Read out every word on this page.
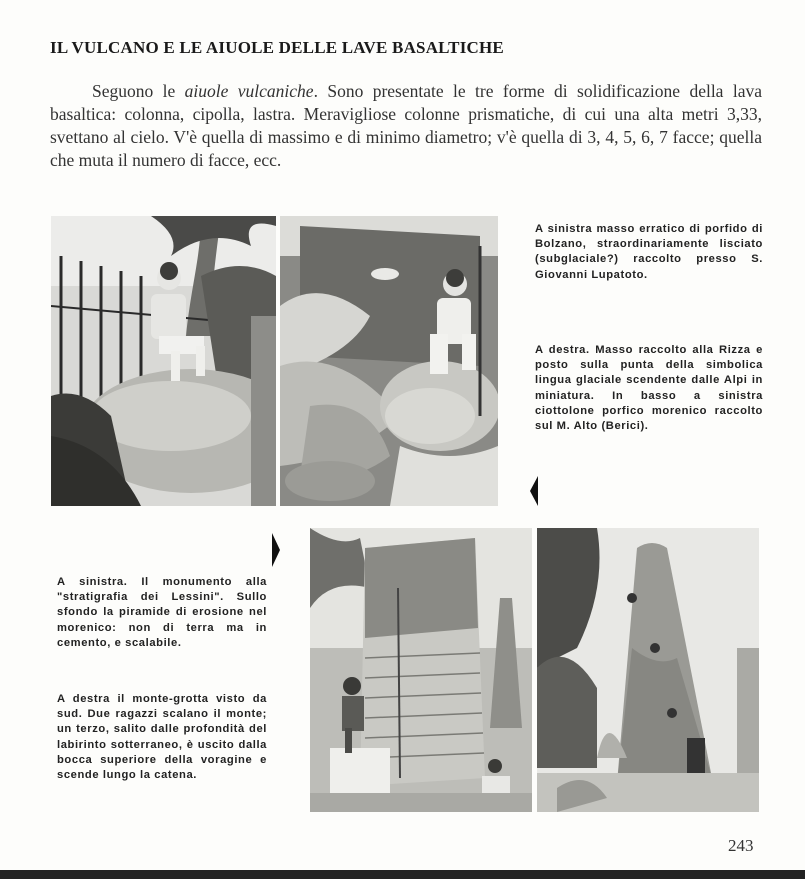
IL VULCANO E LE AIUOLE DELLE LAVE BASALTICHE

Seguono le aiuole vulcaniche. Sono presentate le tre forme di solidificazione della lava basaltica: colonna, cipolla, lastra. Meravigliose colonne prismatiche, di cui una alta metri 3,33, svettano al cielo. V'è quella di massimo e di minimo diametro; v'è quella di 3, 4, 5, 6, 7 facce; quella che muta il numero di facce, ecc.

A sinistra masso erratico di porfido di Bolzano, straordinariamente lisciato (subglaciale?) raccolto presso S. Giovanni Lupatoto.

A destra. Masso raccolto alla Rizza e posto sulla punta della simbolica lingua glaciale scendente dalle Alpi in miniatura. In basso a sinistra ciottolone porfico morenico raccolto sul M. Alto (Berici).

A sinistra. Il monumento alla "stratigrafia dei Lessini". Sullo sfondo la piramide di erosione nel morenico: non di terra ma in cemento, e scalabile.

A destra il monte-grotta visto da sud. Due ragazzi scalano il monte; un terzo, salito dalle profondità del labirinto sotterraneo, è uscito dalla bocca superiore della voragine e scende lungo la catena.

243
